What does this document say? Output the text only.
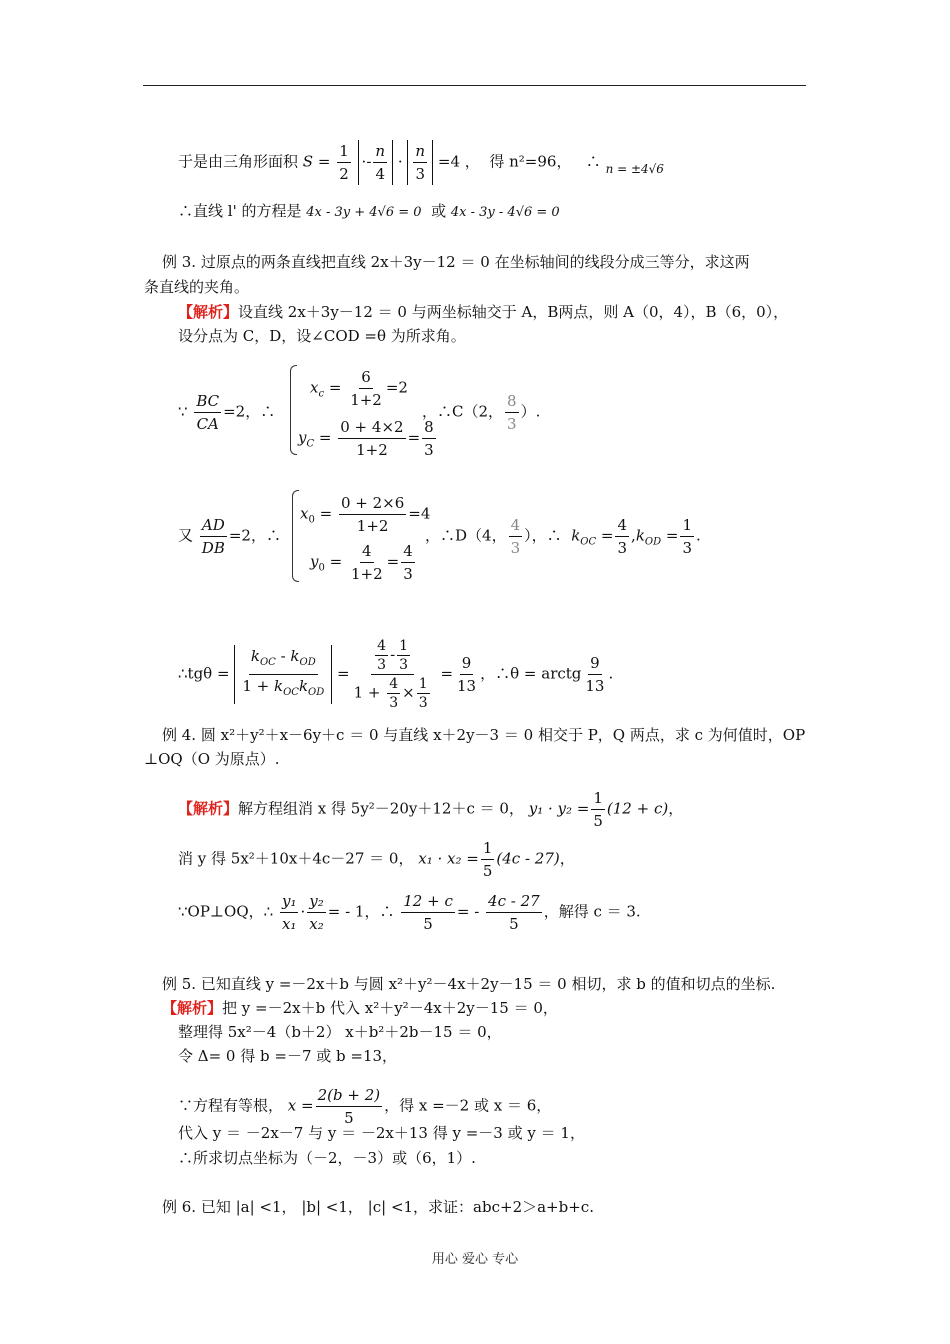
于是由三角形面积 $S = \frac{1}{2} \cdot- \frac{n}{4} \cdot \frac{n}{3} =4$ ， 得 n²=96， ∴ $_{n = \pm 4√6}$
∴直线 l' 的方程是 4x - 3y + 4√6 = 0 或 4x - 3y - 4√6 = 0
例 3. 过原点的两条直线把直线 2x＋3y－12 ＝ 0 在坐标轴间的线段分成三等分，求这两
条直线的夹角。
【解析】设直线 2x＋3y－12 ＝ 0 与两坐标轴交于 A，B两点，则 A（0，4），B（6，0），
设分点为 C，D，设∠COD =θ 为所求角。
∵ $\frac{BC}{CA} =2$，∴
$x_c = \frac{6}{1+2} =2$
$y_C = \frac{0 + 4\times 2}{1+2} = \frac{8}{3}$
，∴C（2， $\frac{8}{3}$ ）.
又 $\frac{AD}{DB} =2$，∴
$x_0 = \frac{0 + 2\times 6}{1+2} =4$
$y_0 = \frac{4}{1+2} = \frac{4}{3}$
，∴D（4， $\frac{4}{3}$ ），∴ $k_{OC} = \frac{4}{3} ,k_{OD} = \frac{1}{3}$ .
∴tgθ = $\frac{k_{OC} - k_{OD}}{1 + k_{OC}k_{OD}} = \frac{\frac{4}{3} - \frac{1}{3}}{1 + \frac{4}{3} \times \frac{1}{3}} = \frac{9}{13}$ ，∴θ = arctg $\frac{9}{13}$ .
例 4. 圆 x²＋y²＋x－6y＋c ＝ 0 与直线 x＋2y－3 ＝ 0 相交于 P，Q 两点，求 c 为何值时，OP
⊥OQ（O 为原点）.
【解析】解方程组消 x 得 5y²－20y＋12＋c ＝ 0， $y_1 \cdot y_2 = \frac{1}{5} (12 + c)$，
消 y 得 5x²＋10x＋4c－27 ＝ 0， $x_1 \cdot x_2 = \frac{1}{5} (4c - 27)$，
∵OP⊥OQ，∴ $\frac{\text{y₁}}{\text{x₁}} \cdot \frac{\text{y₂}}{\text{x₂}}$ = - 1，∴ $\frac{12 + c}{5}$ = - $\frac{4c - 27}{5}$ ，解得 c ＝ 3.
例 5. 已知直线 y =－2x＋b 与圆 x²＋y²－4x＋2y－15 ＝ 0 相切，求 b 的值和切点的坐标.
【解析】把 y =－2x＋b 代入 x²＋y²－4x＋2y－15 ＝ 0，
整理得 5x²－4（b＋2） x＋b²＋2b－15 ＝ 0，
令 Δ= 0 得 b =－7 或 b =13，
∵方程有等根， $x = \frac{2(b + 2)}{5}$ ，得 x =－2 或 x ＝ 6，
代入 y ＝ －2x－7 与 y ＝ －2x＋13 得 y =－3 或 y ＝ 1，
∴所求切点坐标为（－2，－3）或（6，1）.
例 6. 已知 |a| <1， |b| <1， |c| <1，求证：abc+2＞a+b+c.
用心 爱心 专心
